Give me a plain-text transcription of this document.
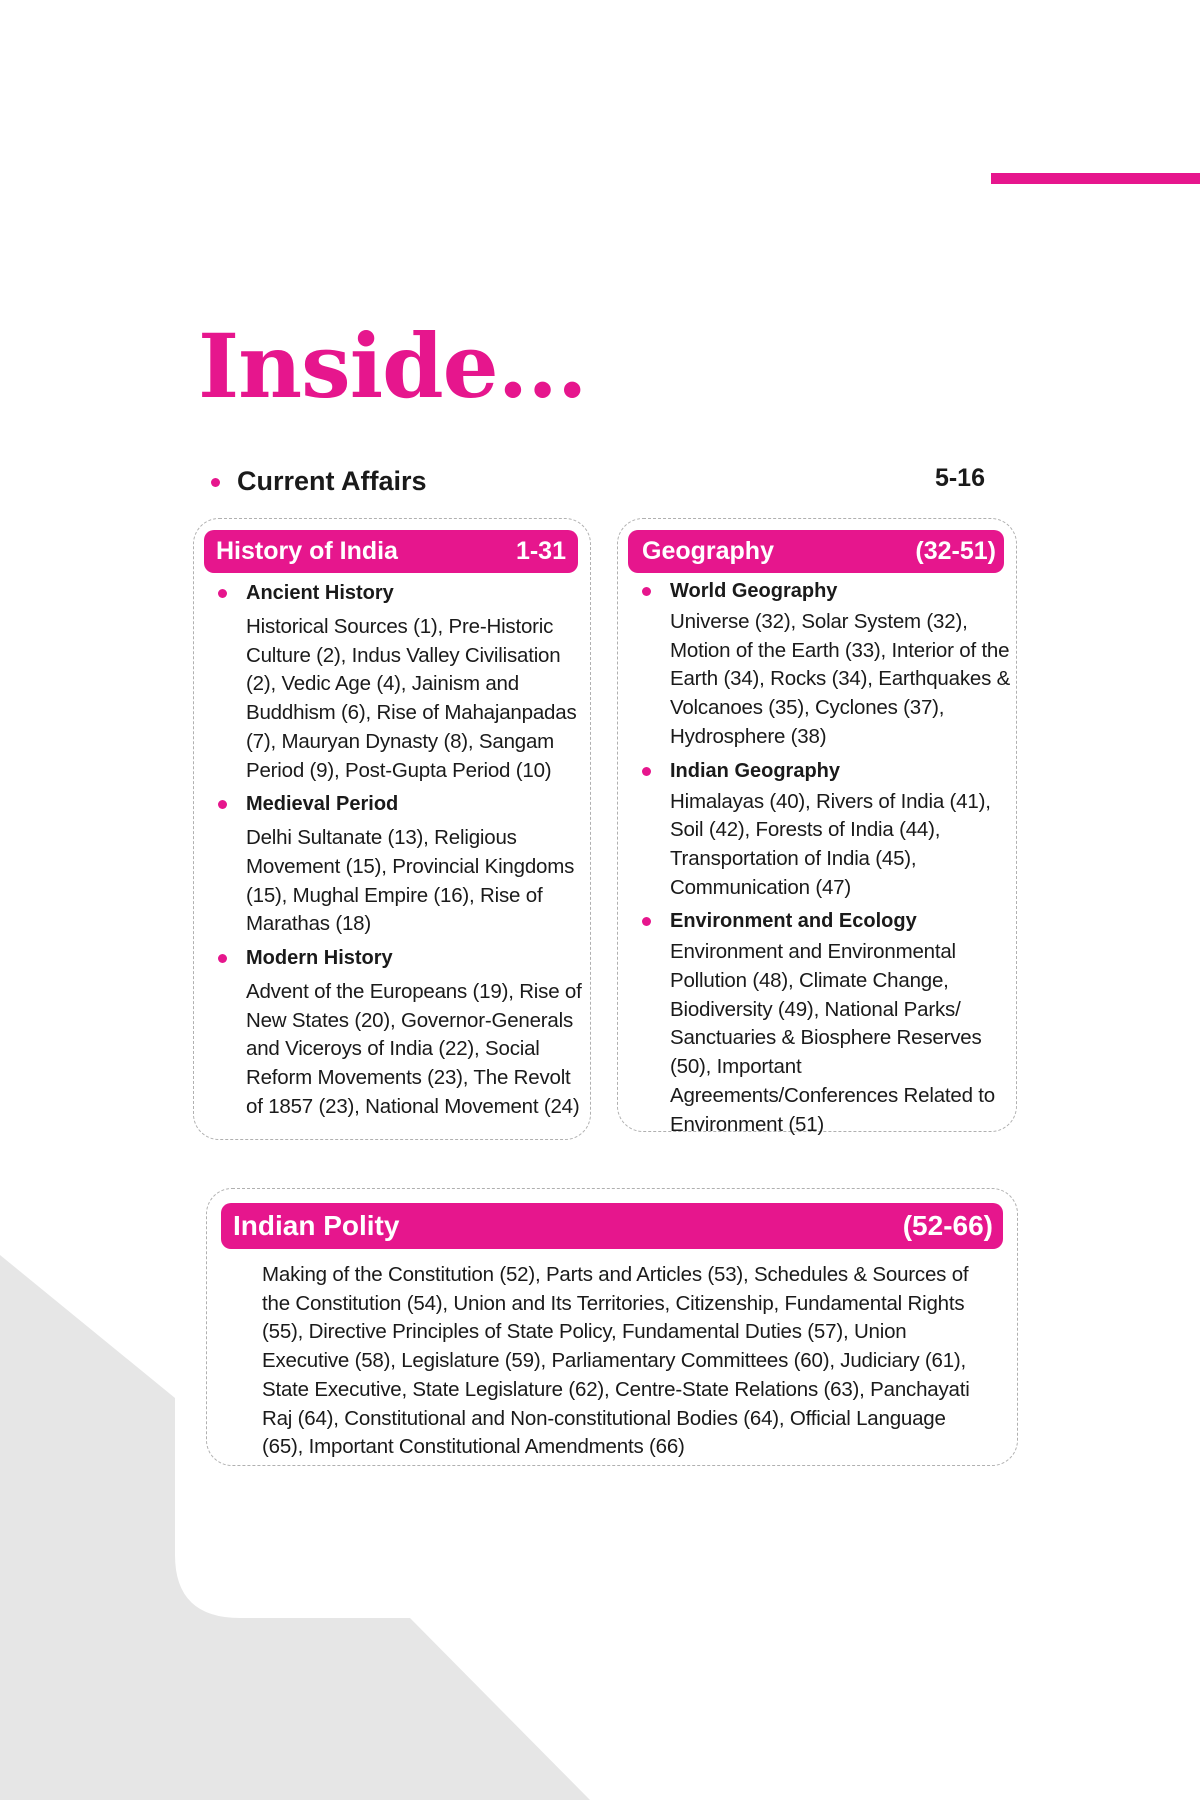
Inside...
Current Affairs	5-16
History of India	1-31
Ancient History

Historical Sources (1), Pre-Historic Culture (2), Indus Valley Civilisation (2), Vedic Age (4), Jainism and Buddhism (6), Rise of Mahajanpadas (7), Mauryan Dynasty (8), Sangam Period (9), Post-Gupta Period (10)

Medieval Period

Delhi Sultanate (13), Religious Movement (15), Provincial Kingdoms (15), Mughal Empire (16), Rise of Marathas (18)

Modern History

Advent of the Europeans (19), Rise of New States (20), Governor-Generals and Viceroys of India (22), Social Reform Movements (23), The Revolt of 1857 (23), National Movement (24)

Geography	(32-51)
World Geography

Universe (32), Solar System (32), Motion of the Earth (33), Interior of the Earth (34), Rocks (34), Earthquakes & Volcanoes (35), Cyclones (37), Hydrosphere (38)

Indian Geography

Himalayas (40), Rivers of India (41), Soil (42), Forests of India (44), Transportation of India (45), Communication (47)

Environment and Ecology

Environment and Environmental Pollution (48), Climate Change, Biodiversity (49), National Parks/ Sanctuaries & Biosphere Reserves (50), Important Agreements/Conferences Related to Environment (51)

Indian Polity	(52-66)

Making of the Constitution (52), Parts and Articles (53), Schedules & Sources of the Constitution (54), Union and Its Territories, Citizenship, Fundamental Rights (55), Directive Principles of State Policy, Fundamental Duties (57), Union Executive (58), Legislature (59), Parliamentary Committees (60), Judiciary (61), State Executive, State Legislature (62), Centre-State Relations (63), Panchayati Raj (64), Constitutional and Non-constitutional Bodies (64), Official Language (65), Important Constitutional Amendments (66)
